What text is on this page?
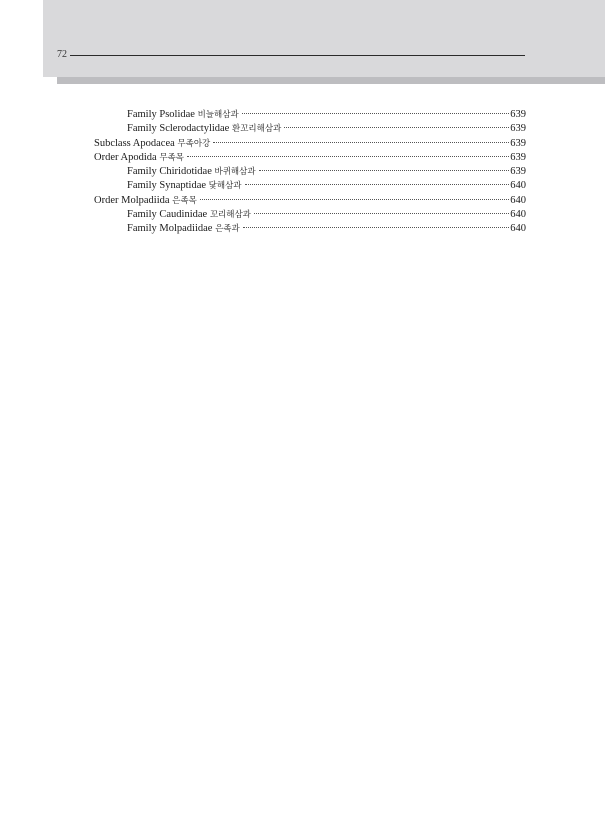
72
Family Psolidae 비늘해삼과	639
Family Sclerodactylidae 환꼬리해삼과	639
Subclass Apodacea 무족아강	639
Order Apodida 무족목	639
Family Chiridotidae 바퀴해삼과	639
Family Synaptidae 닻해삼과	640
Order Molpadiida 은족목	640
Family Caudinidae 꼬리해삼과	640
Family Molpadiidae 은족과	640
